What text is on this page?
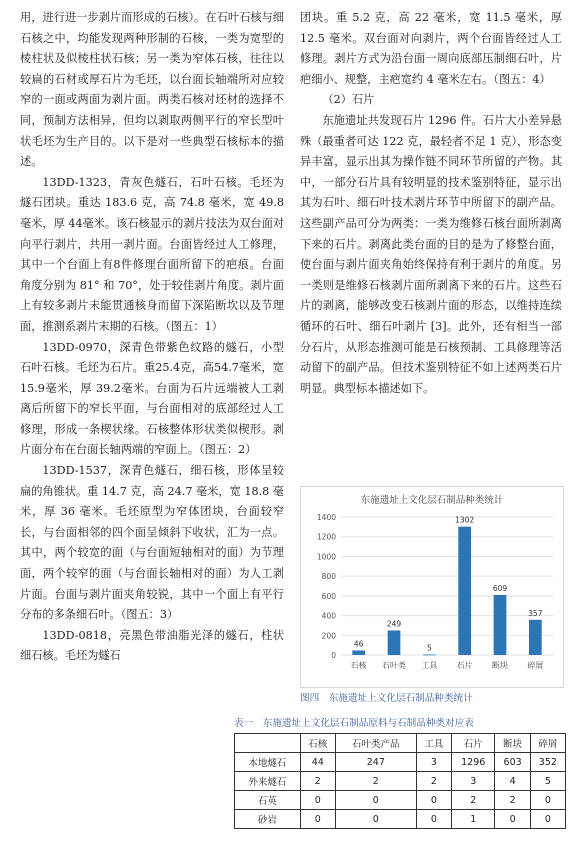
用，进行进一步剥片而形成的石核）。在石叶石核与细石核之中，均能发现两种形制的石核，一类为宽型的棱柱状及似棱柱状石核；另一类为窄体石核，往往以较扁的石材或厚石片为毛坯，以台面长轴端所对应较窄的一面或两面为剥片面。两类石核对坯材的选择不同，预制方法相异，但均以剥取两侧平行的窄长型叶状毛坯为生产目的。以下是对一些典型石核标本的描述。

13DD-1323，青灰色燧石，石叶石核。毛坯为燧石团块。重达 183.6 克，高 74.8 毫米，宽 49.8毫米，厚 44毫米。该石核显示的剥片技法为双台面对向平行剥片，共用一剥片面。台面皆经过人工修理，其中一个台面上有8件修理台面所留下的疤痕。台面角度分别为 81° 和 70°，处于较佳剥片角度。剥片面上有较多剥片未能贯通核身而留下深陷断坎以及节理面，推测系剥片末期的石核。（图五：1）

13DD-0970，深青色带紫色纹路的燧石，小型石叶石核。毛坯为石片。重25.4克，高54.7毫米，宽 15.9毫米，厚 39.2毫米。台面为石片远端被人工剥离后所留下的窄长平面，与台面相对的底部经过人工修理，形成一条楔状缘。石核整体形状类似楔形。剥片面分布在台面长轴两端的窄面上。（图五：2）

13DD-1537，深青色燧石，细石核，形体呈较扁的角锥状。重 14.7 克，高 24.7 毫米，宽 18.8 毫米，厚 36 毫米。毛坯原型为窄体团块，台面较窄长，与台面相邻的四个面呈倾斜下收状，汇为一点。其中，两个较宽的面（与台面短轴相对的面）为节理面，两个较窄的面（与台面长轴相对的面）为人工剥片面。台面与剥片面夹角较锐，其中一个面上有平行分布的多条细石叶。（图五：3）

13DD-0818，亮黑色带油脂光泽的燧石，柱状细石核。毛坯为燧石

团块。重 5.2 克，高 22 毫米，宽 11.5 毫米，厚 12.5 毫米。双台面对向剥片，两个台面皆经过人工修理。剥片方式为沿台面一周向底部压制细石叶，片疤细小、规整，主疤宽约 4 毫米左右。（图五：4）

（2）石片

东施遗址共发现石片 1296 件。石片大小差异悬殊（最重者可达 122 克，最轻者不足 1 克），形态变异丰富，显示出其为操作链不同环节所留的产物。其中，一部分石片具有较明显的技术鉴别特征，显示出其为石叶、细石叶技术剥片环节中所留下的副产品。这些副产品可分为两类：一类为维修石核台面所剥离下来的石片。剥离此类台面的目的是为了修整台面，使台面与剥片面夹角始终保持有利于剥片的角度。另一类则是维修石核剥片面所剥离下来的石片。这些石片的剥离，能够改变石核剥片面的形态，以维持连续循环的石叶、细石叶剥片 [3]。此外，还有相当一部分石片，从形态推测可能是石核预制、工具修理等活动留下的副产品。但技术鉴别特征不如上述两类石片明显。典型标本描述如下。

东施遗址上文化层石制品种类统计
0
200
400
600
800
1000
1200
1400
46
石核
249
石叶类
5
工具
1302
石片
609
断块
357
碎屑
图四　东施遗址上文化层石制品种类统计
表一　东施遗址上文化层石制品原料与石制品种类对应表
	石核	石叶类产品	工具	石片	断块	碎屑
本地燧石	44	247	3	1296	603	352
外来燧石	2	2	2	3	4	5
石英	0	0	0	2	2	0
砂岩	0	0	0	1	0	0
